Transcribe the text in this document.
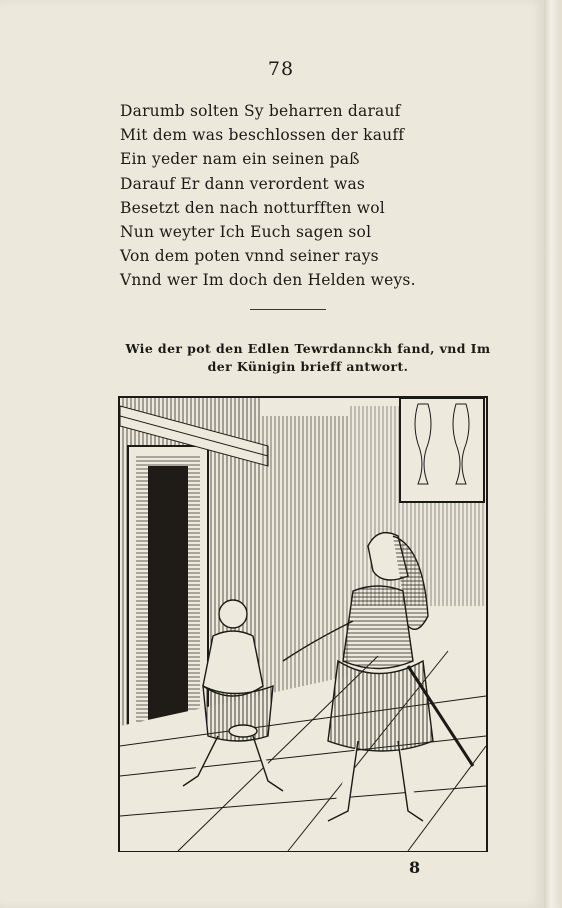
78
Darumb solten Sy beharren darauf
Mit dem was beschlossen der kauff
Ein yeder nam ein seinen paß
Darauf Er dann verordent was
Besetzt den nach notturfften wol
Nun weyter Ich Euch sagen sol
Von dem poten vnnd seiner rays
Vnnd wer Im doch den Helden weys.
Wie der pot den Edlen Tewrdannckh fand, vnd Im
der Künigin brieff antwort.
8
